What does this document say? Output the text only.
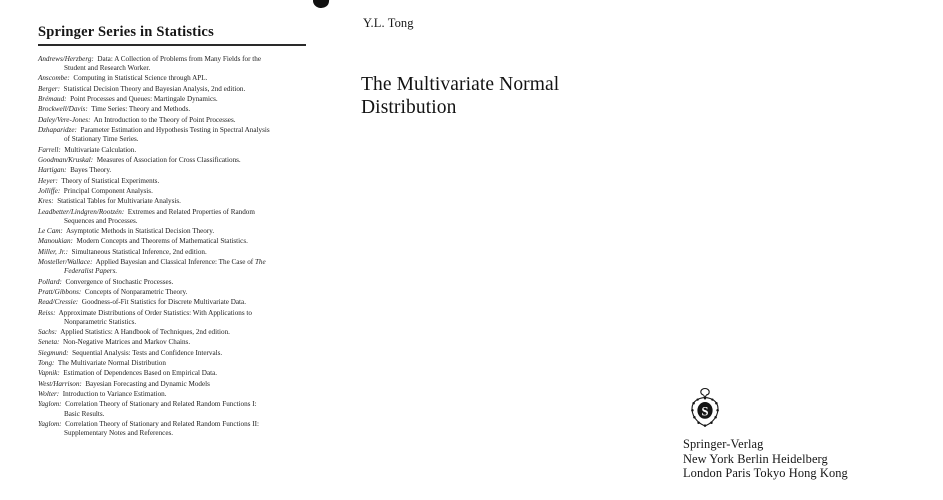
Springer Series in Statistics
Andrews/Herzberg: Data: A Collection of Problems from Many Fields for the
Student and Research Worker.
Anscombe: Computing in Statistical Science through APL.
Berger: Statistical Decision Theory and Bayesian Analysis, 2nd edition.
Brémaud: Point Processes and Queues: Martingale Dynamics.
Brockwell/Davis: Time Series: Theory and Methods.
Daley/Vere-Jones: An Introduction to the Theory of Point Processes.
Dzhaparidze: Parameter Estimation and Hypothesis Testing in Spectral Analysis
of Stationary Time Series.
Farrell: Multivariate Calculation.
Goodman/Kruskal: Measures of Association for Cross Classifications.
Hartigan: Bayes Theory.
Heyer: Theory of Statistical Experiments.
Jolliffe: Principal Component Analysis.
Kres: Statistical Tables for Multivariate Analysis.
Leadbetter/Lindgren/Rootzén: Extremes and Related Properties of Random
Sequences and Processes.
Le Cam: Asymptotic Methods in Statistical Decision Theory.
Manoukian: Modern Concepts and Theorems of Mathematical Statistics.
Miller, Jr.: Simultaneous Statistical Inference, 2nd edition.
Mosteller/Wallace: Applied Bayesian and Classical Inference: The Case of The
Federalist Papers.
Pollard: Convergence of Stochastic Processes.
Pratt/Gibbons: Concepts of Nonparametric Theory.
Read/Cressie: Goodness-of-Fit Statistics for Discrete Multivariate Data.
Reiss: Approximate Distributions of Order Statistics: With Applications to
Nonparametric Statistics.
Sachs: Applied Statistics: A Handbook of Techniques, 2nd edition.
Seneta: Non-Negative Matrices and Markov Chains.
Siegmund: Sequential Analysis: Tests and Confidence Intervals.
Tong: The Multivariate Normal Distribution
Vapnik: Estimation of Dependences Based on Empirical Data.
West/Harrison: Bayesian Forecasting and Dynamic Models
Wolter: Introduction to Variance Estimation.
Yaglom: Correlation Theory of Stationary and Related Random Functions I:
Basic Results.
Yaglom: Correlation Theory of Stationary and Related Random Functions II:
Supplementary Notes and References.
Y.L. Tong
The Multivariate Normal
Distribution
S
Springer-Verlag
New York Berlin Heidelberg
London Paris Tokyo Hong Kong
